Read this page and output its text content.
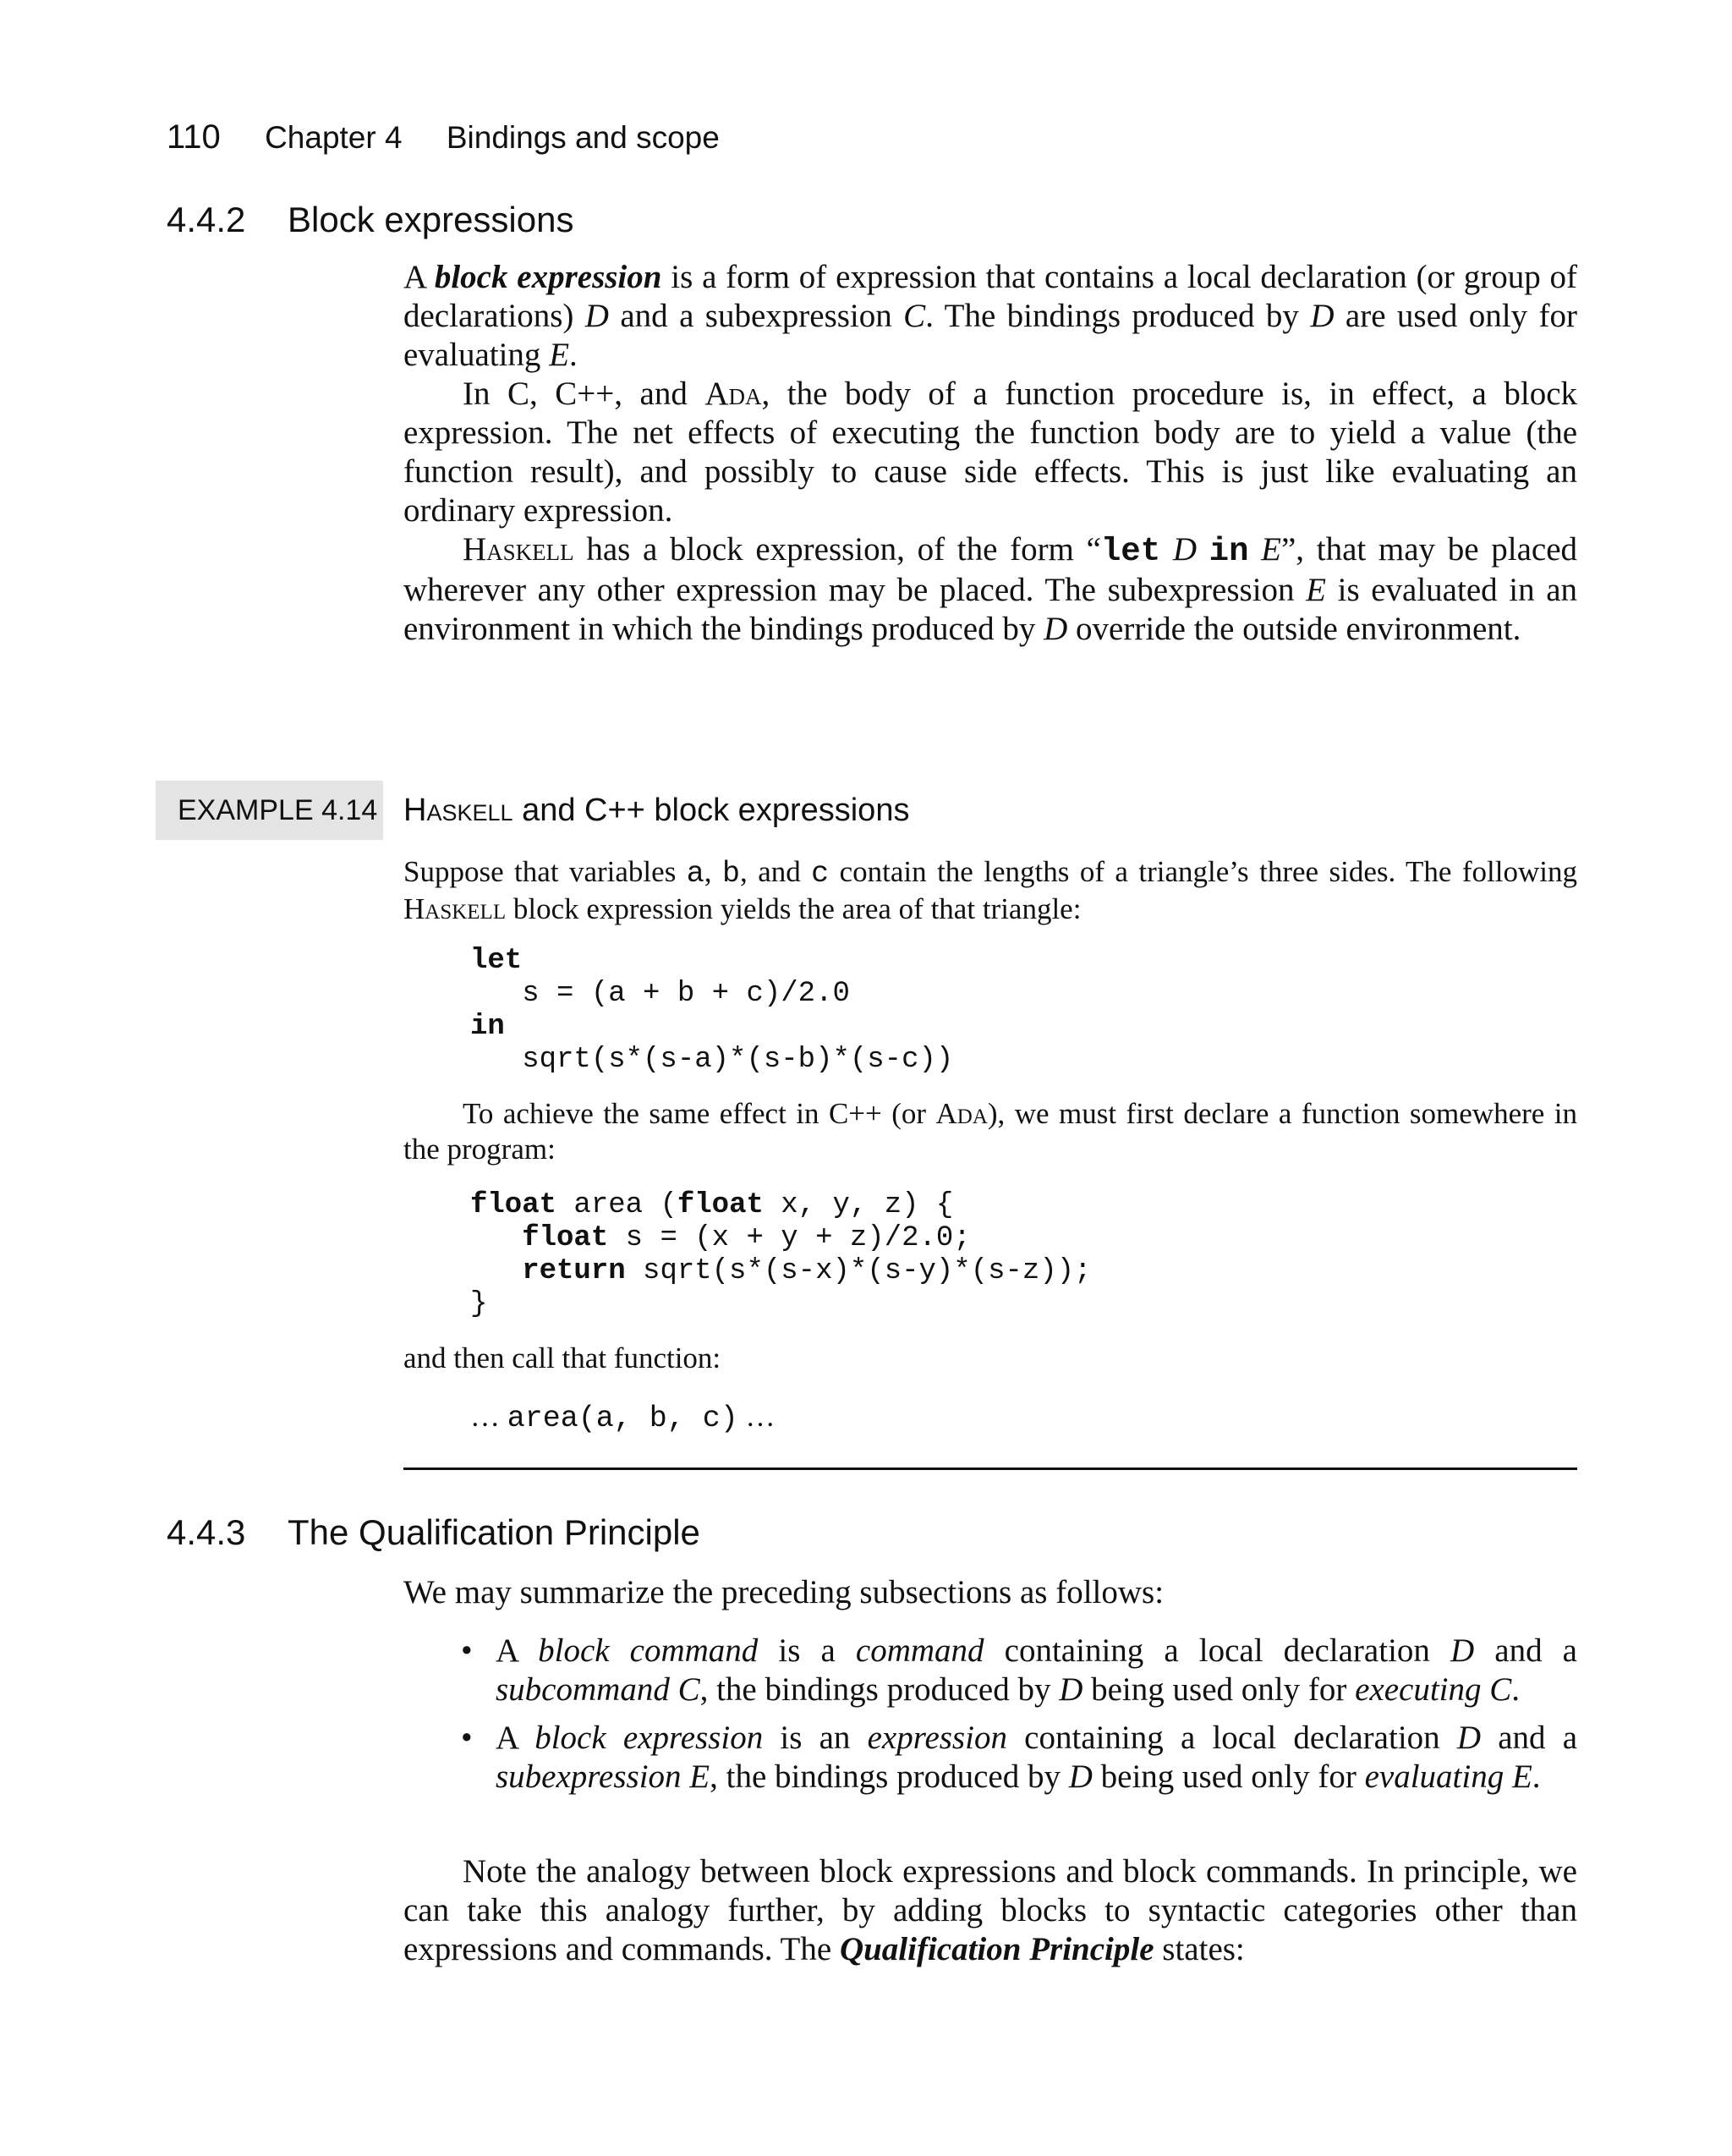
110 Chapter 4 Bindings and scope
4.4.2 Block expressions

A block expression is a form of expression that contains a local declaration (or group of declarations) D and a subexpression C. The bindings produced by D are used only for evaluating E.

In C, C++, and Ada, the body of a function procedure is, in effect, a block expression. The net effects of executing the function body are to yield a value (the function result), and possibly to cause side effects. This is just like evaluating an ordinary expression.

Haskell has a block expression, of the form “let D in E”, that may be placed wherever any other expression may be placed. The subexpression E is evaluated in an environment in which the bindings produced by D override the outside environment.

EXAMPLE 4.14 Haskell and C++ block expressions

Suppose that variables a, b, and c contain the lengths of a triangle’s three sides. The following Haskell block expression yields the area of that triangle:

let
s = (a + b + c)/2.0
in
sqrt(s*(s-a)*(s-b)*(s-c))

To achieve the same effect in C++ (or Ada), we must first declare a function somewhere in the program:

float area (float x, y, z) {
float s = (x + y + z)/2.0;
return sqrt(s*(s-x)*(s-y)*(s-z));
}

and then call that function:

… area(a, b, c) …
4.4.3 The Qualification Principle

We may summarize the preceding subsections as follows:

• A block command is a command containing a local declaration D and a subcommand C, the bindings produced by D being used only for executing C.
• A block expression is an expression containing a local declaration D and a subexpression E, the bindings produced by D being used only for evaluating E.

Note the analogy between block expressions and block commands. In principle, we can take this analogy further, by adding blocks to syntactic categories other than expressions and commands. The Qualification Principle states:
